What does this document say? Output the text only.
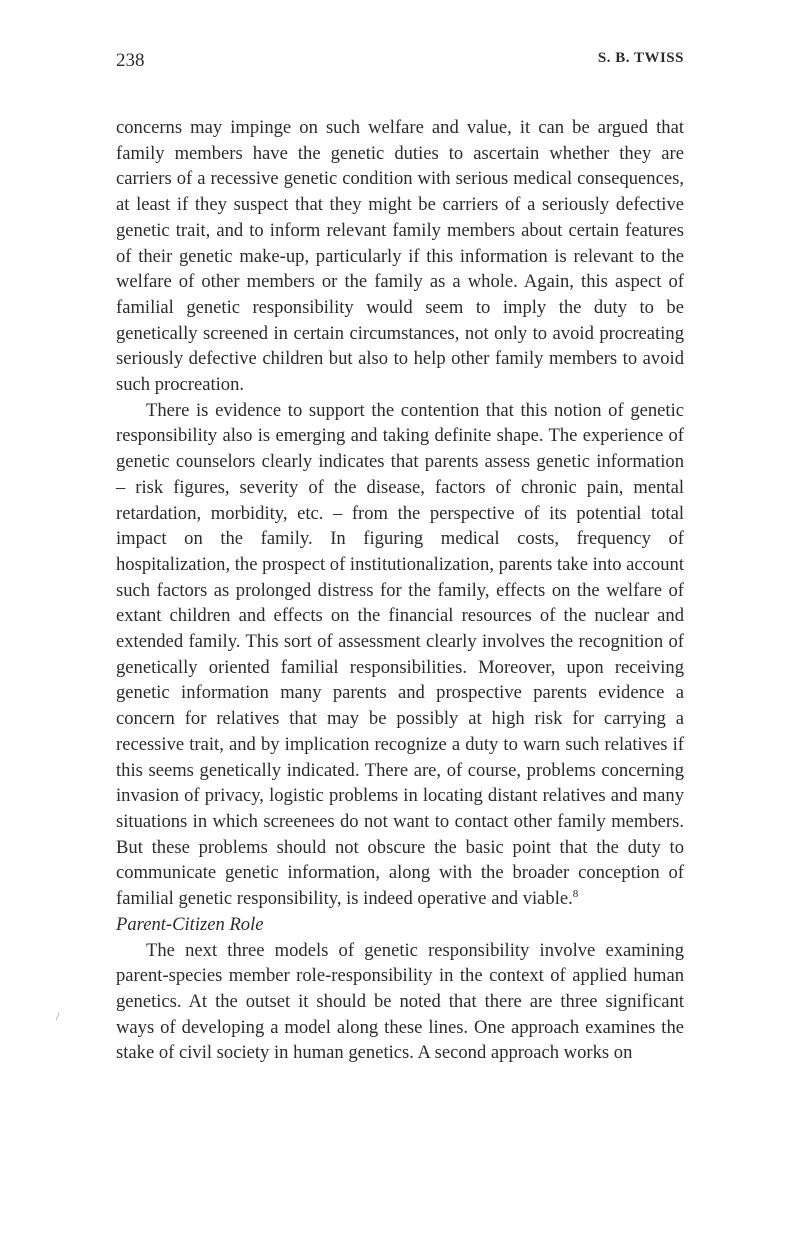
238	S. B. TWISS

concerns may impinge on such welfare and value, it can be argued that family members have the genetic duties to ascertain whether they are carriers of a recessive genetic condition with serious medical consequences, at least if they suspect that they might be carriers of a seriously defective genetic trait, and to inform relevant family members about certain features of their genetic make-up, particularly if this information is relevant to the welfare of other members or the family as a whole. Again, this aspect of familial genetic responsibility would seem to imply the duty to be genetically screened in certain circumstances, not only to avoid procreating seriously defective children but also to help other family members to avoid such procreation.

There is evidence to support the contention that this notion of genetic responsibility also is emerging and taking definite shape. The experience of genetic counselors clearly indicates that parents assess genetic information – risk figures, severity of the disease, factors of chronic pain, mental retardation, morbidity, etc. – from the perspective of its potential total impact on the family. In figuring medical costs, frequency of hospitalization, the prospect of institutionalization, parents take into account such factors as prolonged distress for the family, effects on the welfare of extant children and effects on the financial resources of the nuclear and extended family. This sort of assessment clearly involves the recognition of genetically oriented familial responsibilities. Moreover, upon receiving genetic information many parents and prospective parents evidence a concern for relatives that may be possibly at high risk for carrying a recessive trait, and by implication recognize a duty to warn such relatives if this seems genetically indicated. There are, of course, problems concerning invasion of privacy, logistic problems in locating distant relatives and many situations in which screenees do not want to contact other family members. But these problems should not obscure the basic point that the duty to communicate genetic information, along with the broader conception of familial genetic responsibility, is indeed operative and viable.$^8$

Parent-Citizen Role

The next three models of genetic responsibility involve examining parent-species member role-responsibility in the context of applied human genetics. At the outset it should be noted that there are three significant ways of developing a model along these lines. One approach examines the stake of civil society in human genetics. A second approach works on

/
